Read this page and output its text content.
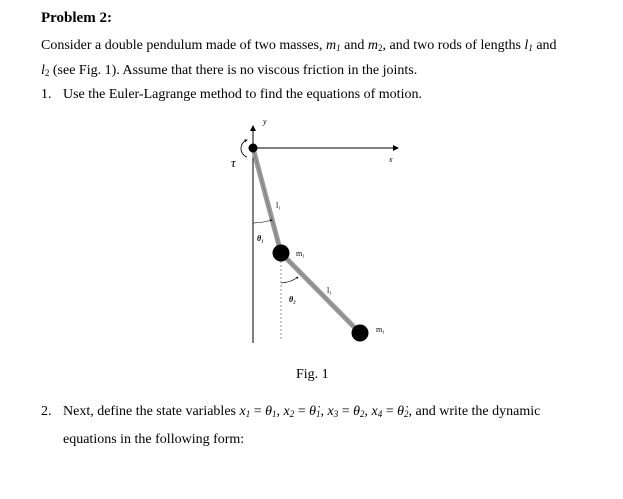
Problem 2:
Consider a double pendulum made of two masses, $m_1$ and $m_2$, and two rods of lengths $l_1$ and
$l_2$ (see Fig. 1). Assume that there is no viscous friction in the joints.
1. Use the Euler-Lagrange method to find the equations of motion.
y
x
τ
θ₁
θ₂
l₁
l₁
m₁
m₁
Fig. 1
2. Next, define the state variables $x_1 = \theta_1$, $x_2$ = $\thetȧ_1$, $x_3 = \theta_2$, $x_4$ = $\thetȧ_2$, and write the dynamic
equations in the following form:
